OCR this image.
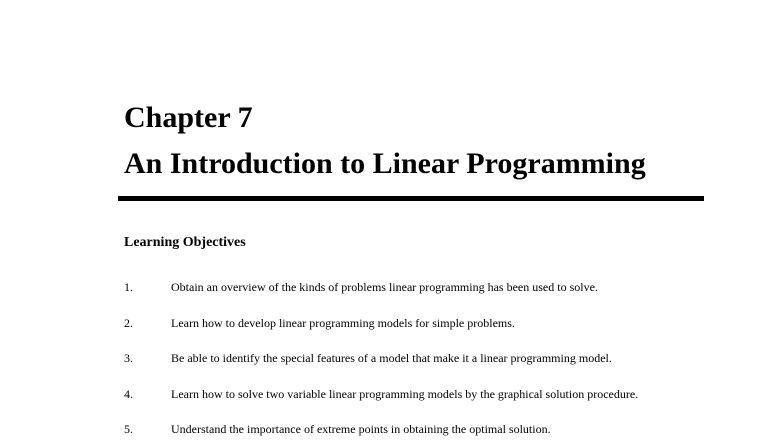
Chapter 7
An Introduction to Linear Programming
Learning Objectives
1.	Obtain an overview of the kinds of problems linear programming has been used to solve.
2.	Learn how to develop linear programming models for simple problems.
3.	Be able to identify the special features of a model that make it a linear programming model.
4.	Learn how to solve two variable linear programming models by the graphical solution procedure.
5.	Understand the importance of extreme points in obtaining the optimal solution.
